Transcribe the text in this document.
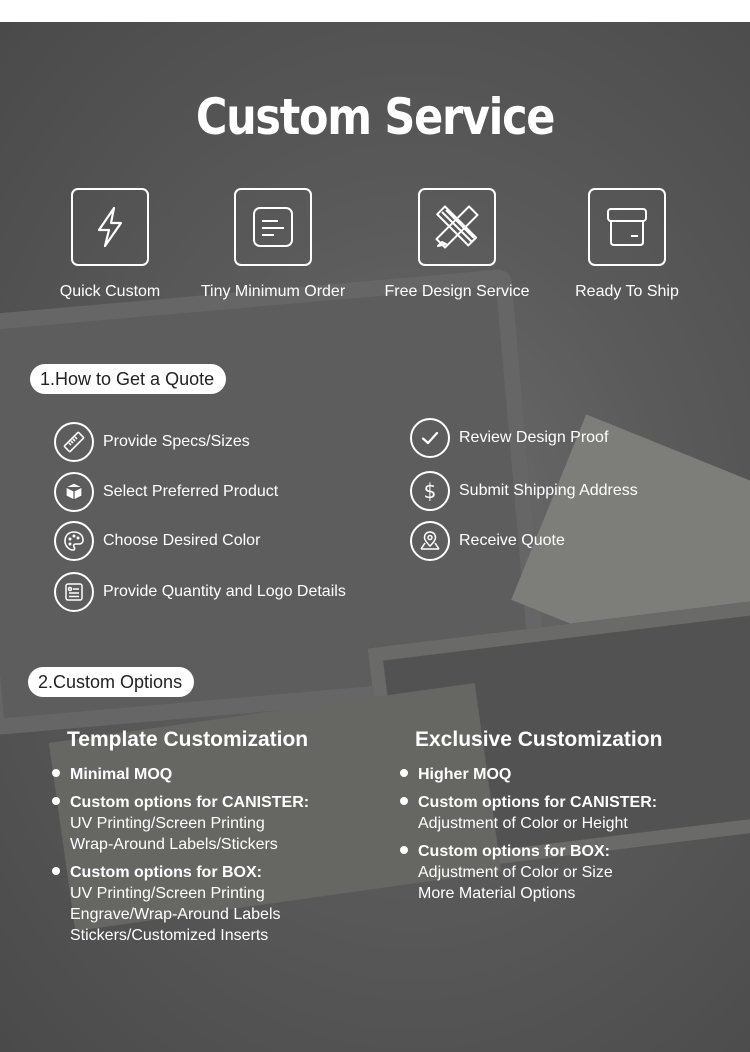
Custom Service
Quick Custom	Tiny Minimum Order	Free Design Service	Ready To Ship
1.How to Get a Quote
Provide Specs/Sizes
Select Preferred Product
Choose Desired Color
Provide Quantity and Logo Details
Review Design Proof
$ Submit Shipping Address
Receive Quote
2.Custom Options
Template Customization
Minimal MOQ
Custom options for CANISTER:
UV Printing/Screen Printing
Wrap-Around Labels/Stickers
Custom options for BOX:
UV Printing/Screen Printing
Engrave/Wrap-Around Labels
Stickers/Customized Inserts
Exclusive Customization
Higher MOQ
Custom options for CANISTER:
Adjustment of Color or Height
Custom options for BOX:
Adjustment of Color or Size
More Material Options
